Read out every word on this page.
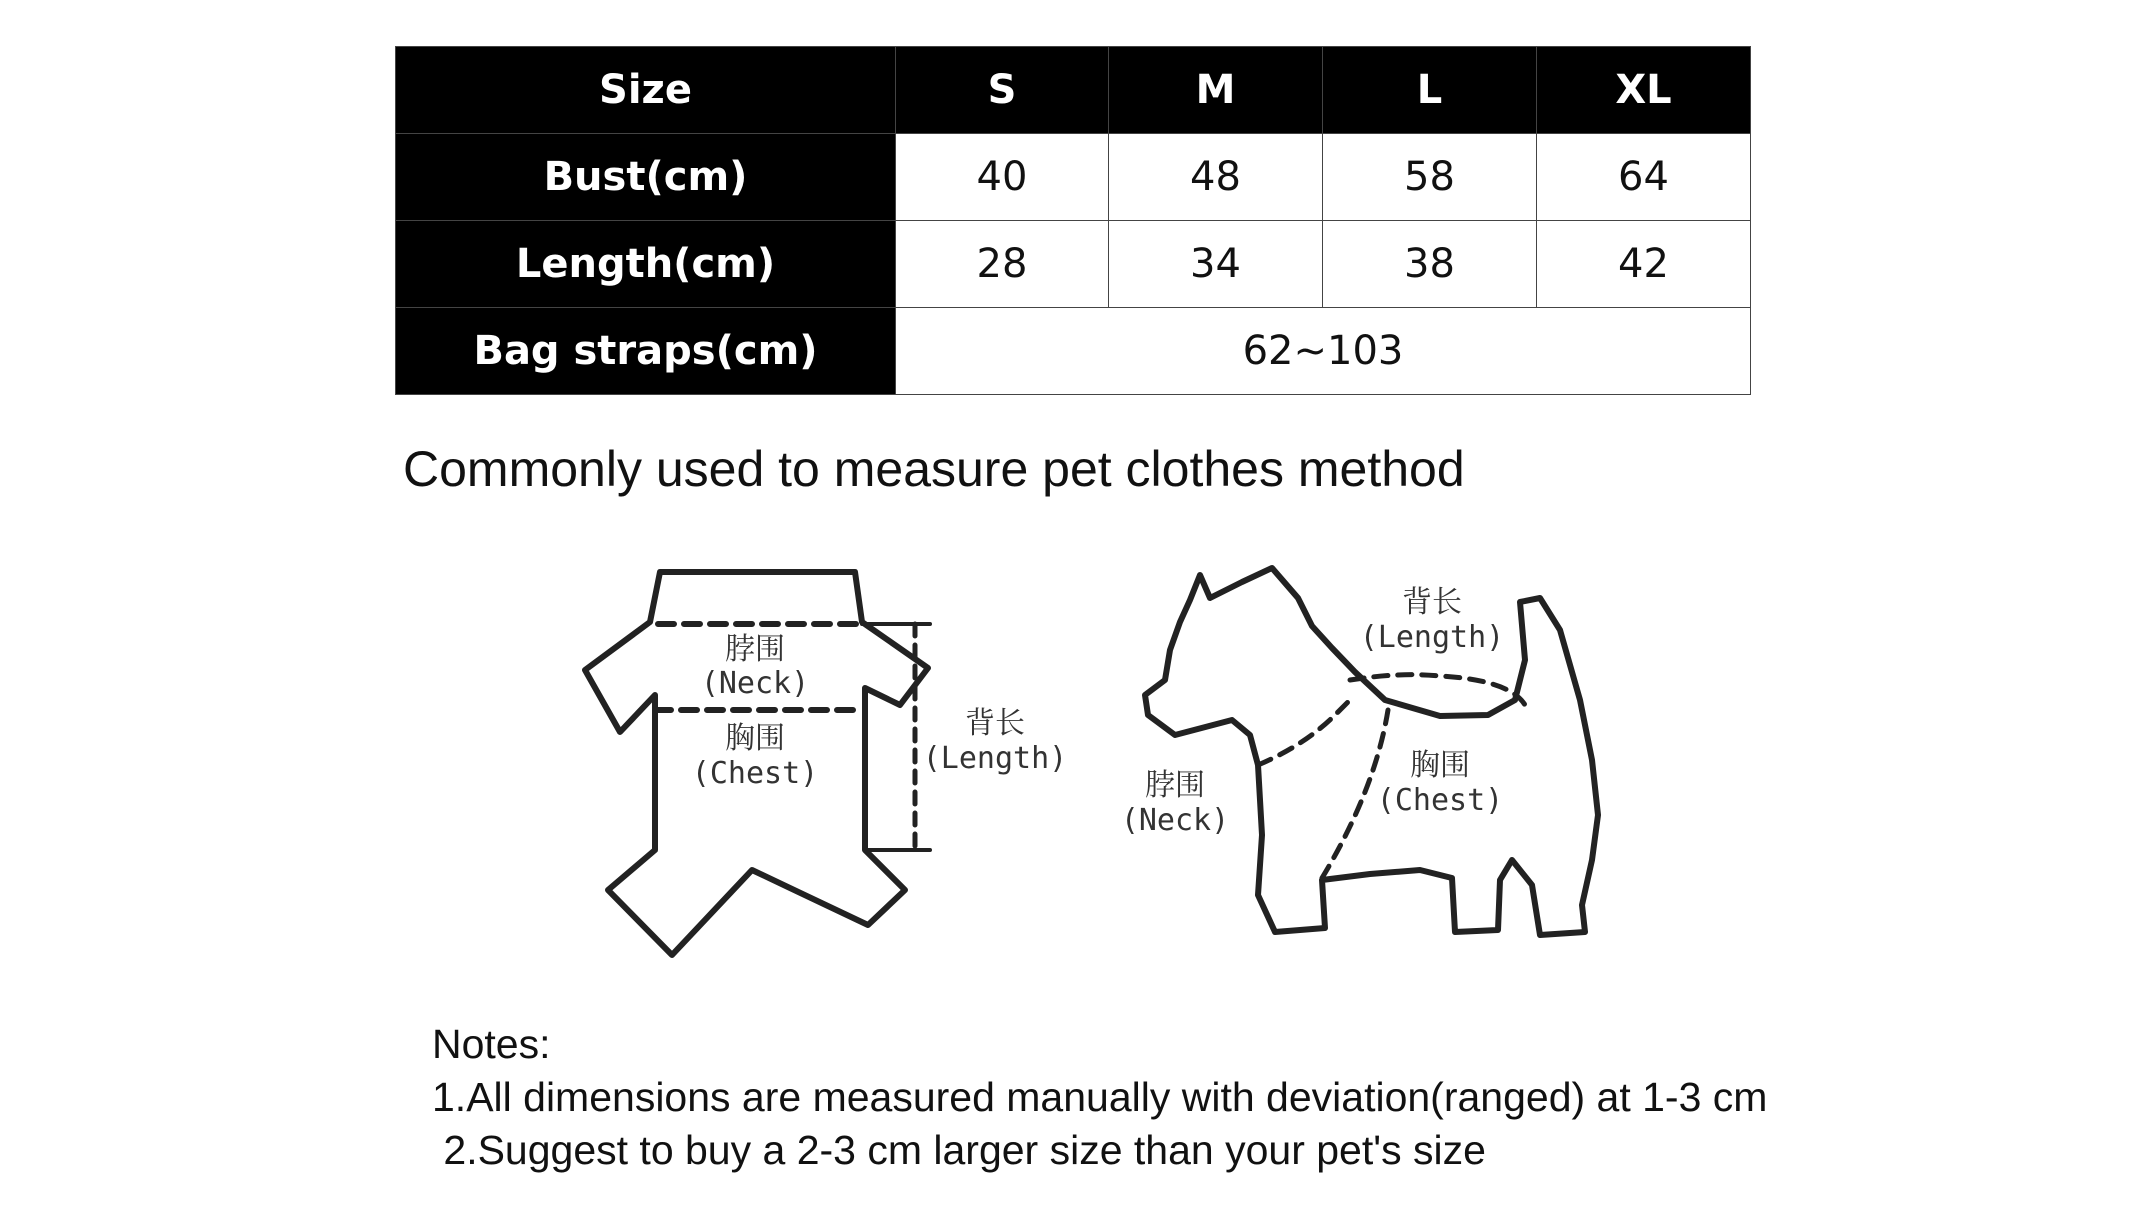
Size	S	M	L	XL
Bust(cm)	40	48	58	64
Length(cm)	28	34	38	42
Bag straps(cm)	62~103			

Commonly used to measure pet clothes method

脖围
(Neck)
胸围
(Chest)
背长
(Length)
背长
(Length)
脖围
(Neck)
胸围
(Chest)
Notes:
1.All dimensions are measured manually with deviation(ranged) at 1-3 cm
2.Suggest to buy a 2-3 cm larger size than your pet's size
